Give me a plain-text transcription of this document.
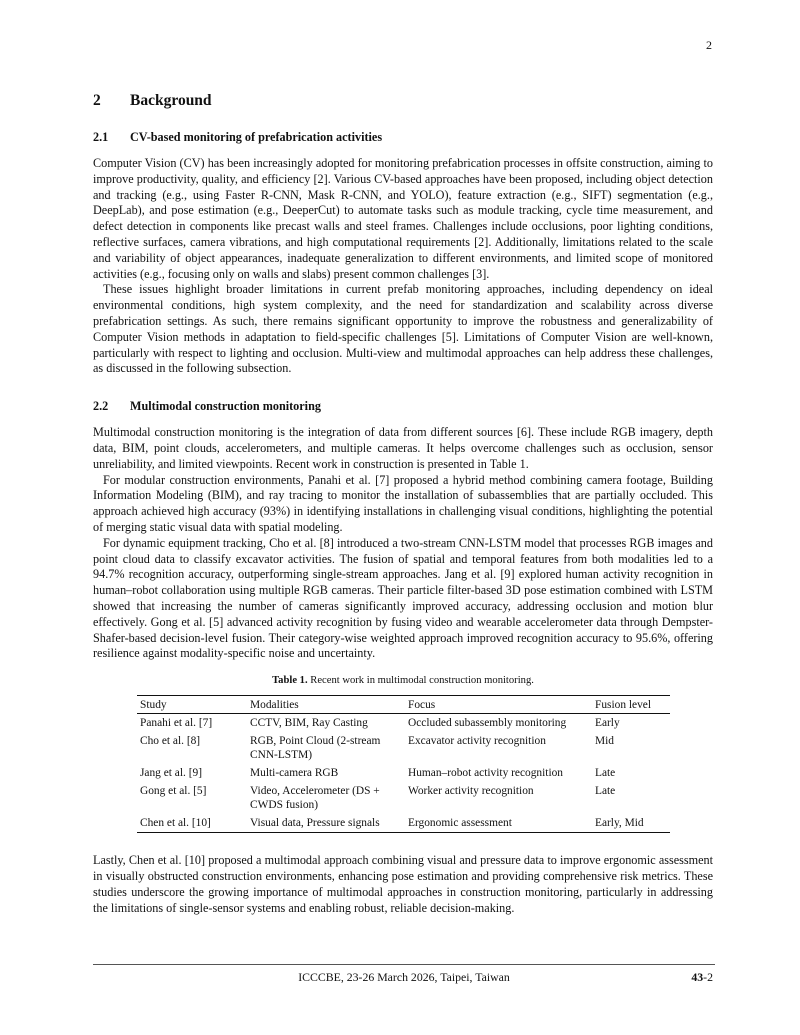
2
2 Background
2.1 CV-based monitoring of prefabrication activities

Computer Vision (CV) has been increasingly adopted for monitoring prefabrication processes in offsite construction, aiming to improve productivity, quality, and efficiency [2]. Various CV-based approaches have been proposed, including object detection and tracking (e.g., using Faster R-CNN, Mask R-CNN, and YOLO), feature extraction (e.g., SIFT) segmentation (e.g., DeepLab), and pose estimation (e.g., DeeperCut) to automate tasks such as module tracking, cycle time measurement, and defect detection in components like precast walls and steel frames. Challenges include occlusions, poor lighting conditions, reflective surfaces, camera vibrations, and high computational requirements [2]. Additionally, limitations related to the scale and variability of object appearances, inadequate generalization to different environments, and limited scope of monitored activities (e.g., focusing only on walls and slabs) present common challenges [3].

These issues highlight broader limitations in current prefab monitoring approaches, including dependency on ideal environmental conditions, high system complexity, and the need for standardization and scalability across diverse prefabrication settings. As such, there remains significant opportunity to improve the robustness and generalizability of Computer Vision methods in adaptation to field-specific challenges [5]. Limitations of Computer Vision are well-known, particularly with respect to lighting and occlusion. Multi-view and multimodal approaches can help address these challenges, as discussed in the following subsection.

2.2 Multimodal construction monitoring

Multimodal construction monitoring is the integration of data from different sources [6]. These include RGB imagery, depth data, BIM, point clouds, accelerometers, and multiple cameras. It helps overcome challenges such as occlusion, sensor unreliability, and limited viewpoints. Recent work in construction is presented in Table 1.

For modular construction environments, Panahi et al. [7] proposed a hybrid method combining camera footage, Building Information Modeling (BIM), and ray tracing to monitor the installation of subassemblies that are partially occluded. This approach achieved high accuracy (93%) in identifying installations in challenging visual conditions, highlighting the potential of merging static visual data with spatial modeling.

For dynamic equipment tracking, Cho et al. [8] introduced a two-stream CNN-LSTM model that processes RGB images and point cloud data to classify excavator activities. The fusion of spatial and temporal features from both modalities led to a 94.7% recognition accuracy, outperforming single-stream approaches. Jang et al. [9] explored human activity recognition in human–robot collaboration using multiple RGB cameras. Their particle filter-based 3D pose estimation combined with LSTM showed that increasing the number of cameras significantly improved accuracy, addressing occlusion and motion blur effectively. Gong et al. [5] advanced activity recognition by fusing video and wearable accelerometer data through Dempster-Shafer-based decision-level fusion. Their category-wise weighted approach improved recognition accuracy to 95.6%, offering resilience against modality-specific noise and uncertainty.

Table 1. Recent work in multimodal construction monitoring.
Study	Modalities	Focus	Fusion level
Panahi et al. [7]	CCTV, BIM, Ray Casting	Occluded subassembly monitoring	Early
Cho et al. [8]	RGB, Point Cloud (2-stream CNN-LSTM)	Excavator activity recognition	Mid
Jang et al. [9]	Multi-camera RGB	Human–robot activity recognition	Late
Gong et al. [5]	Video, Accelerometer (DS + CWDS fusion)	Worker activity recognition	Late
Chen et al. [10]	Visual data, Pressure signals	Ergonomic assessment	Early, Mid

Lastly, Chen et al. [10] proposed a multimodal approach combining visual and pressure data to improve ergonomic assessment in visually obstructed construction environments, enhancing pose estimation and providing comprehensive risk metrics. These studies underscore the growing importance of multimodal approaches in construction monitoring, particularly in addressing the limitations of single-sensor systems and enabling robust, reliable decision-making.

ICCCBE, 23-26 March 2026, Taipei, Taiwan	43-2
